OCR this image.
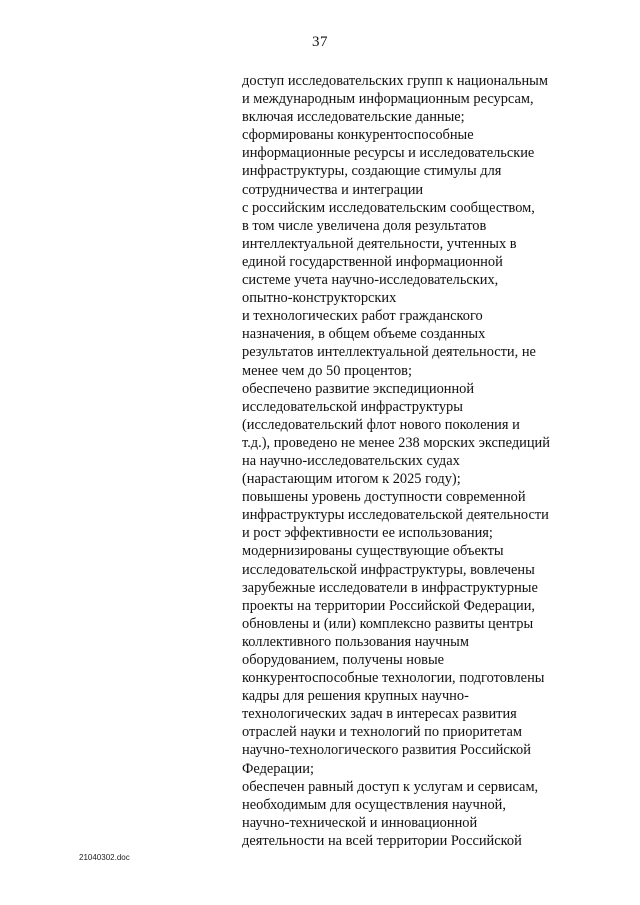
37
доступ исследовательских групп к национальным
и международным информационным ресурсам,
включая исследовательские данные;
сформированы конкурентоспособные
информационные ресурсы и исследовательские
инфраструктуры, создающие стимулы для
сотрудничества и интеграции
с российским исследовательским сообществом,
в том числе увеличена доля результатов
интеллектуальной деятельности, учтенных в
единой государственной информационной
системе учета научно-исследовательских,
опытно-конструкторских
и технологических работ гражданского
назначения, в общем объеме созданных
результатов интеллектуальной деятельности, не
менее чем до 50 процентов;
обеспечено развитие экспедиционной
исследовательской инфраструктуры
(исследовательский флот нового поколения и
т.д.), проведено не менее 238 морских экспедиций
на научно-исследовательских судах
(нарастающим итогом к 2025 году);
повышены уровень доступности современной
инфраструктуры исследовательской деятельности
и рост эффективности ее использования;
модернизированы существующие объекты
исследовательской инфраструктуры, вовлечены
зарубежные исследователи в инфраструктурные
проекты на территории Российской Федерации,
обновлены и (или) комплексно развиты центры
коллективного пользования научным
оборудованием, получены новые
конкурентоспособные технологии, подготовлены
кадры для решения крупных научно-
технологических задач в интересах развития
отраслей науки и технологий по приоритетам
научно-технологического развития Российской
Федерации;
обеспечен равный доступ к услугам и сервисам,
необходимым для осуществления научной,
научно-технической и инновационной
деятельности на всей территории Российской
21040302.doc
